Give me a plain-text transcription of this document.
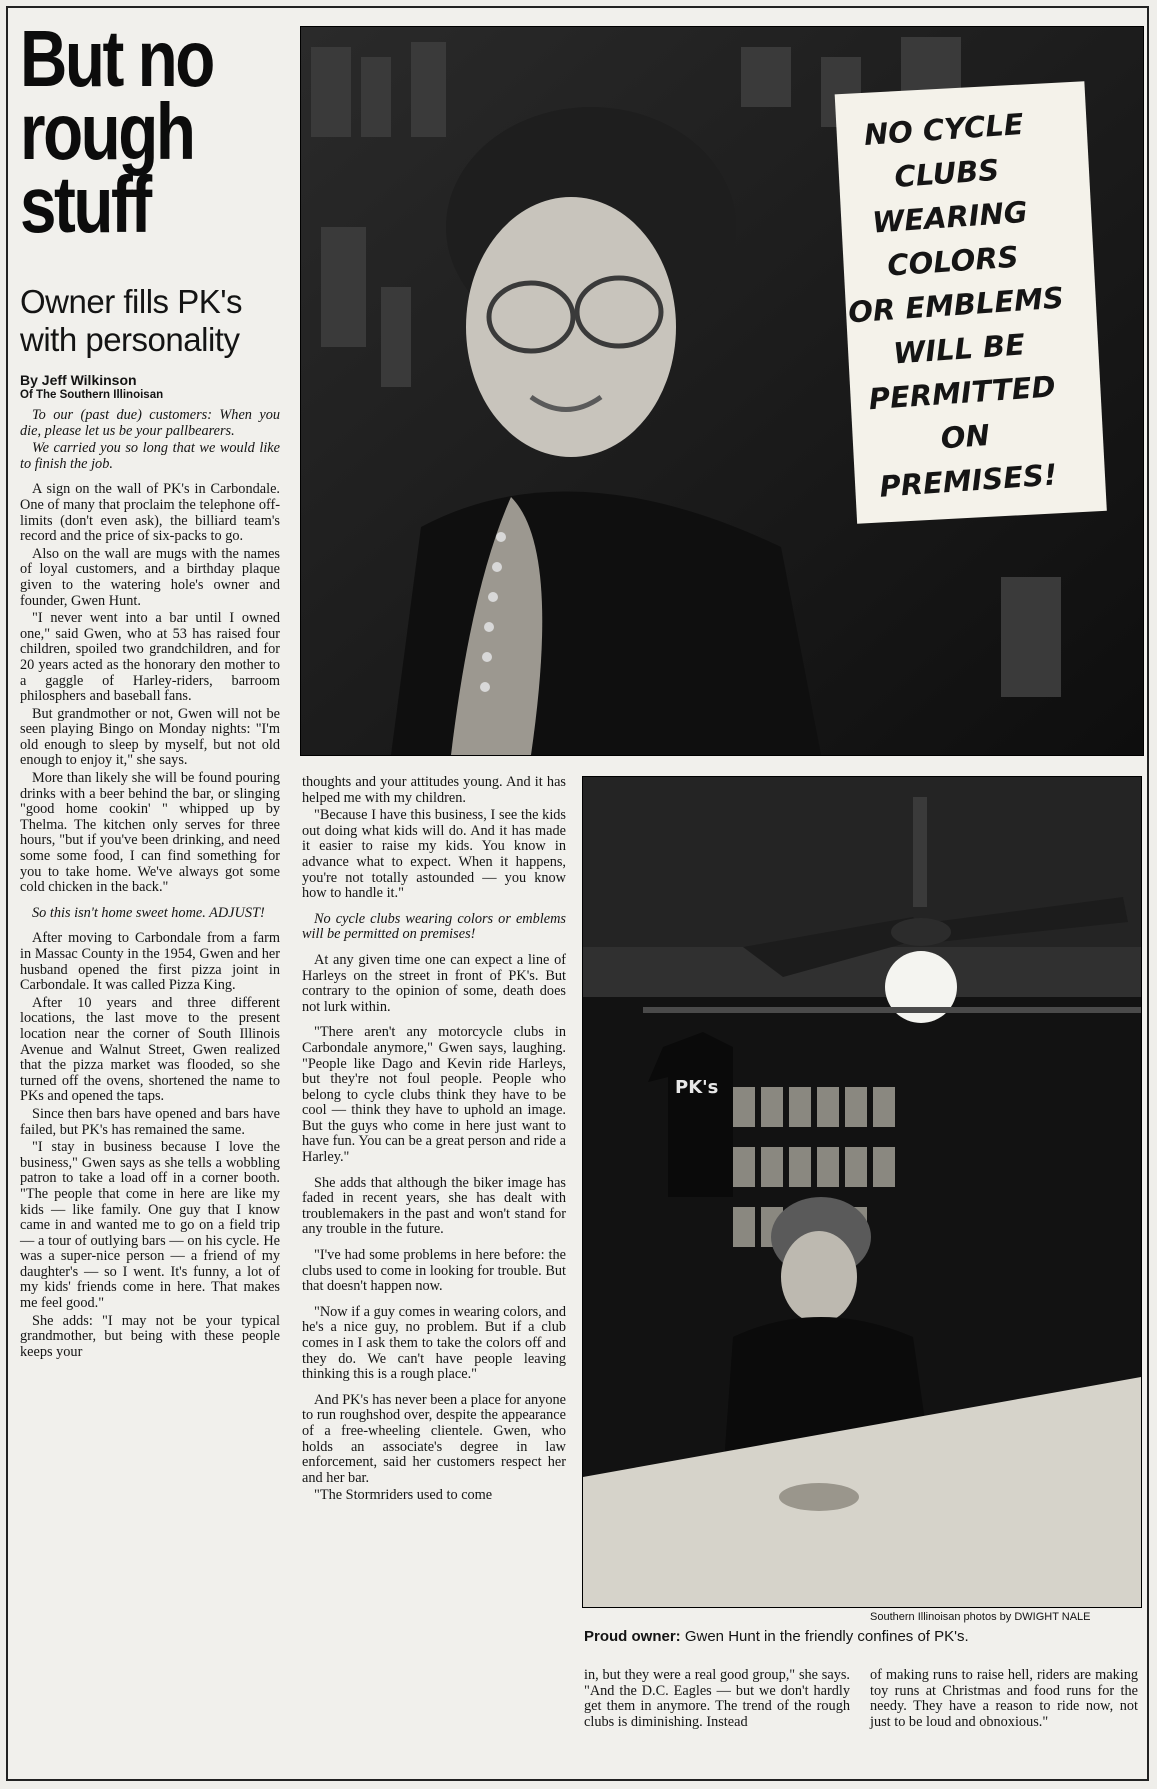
But no rough stuff
Owner fills PK's with personality
By Jeff Wilkinson
Of The Southern Illinoisan

To our (past due) customers: When you die, please let us be your pallbearers.

We carried you so long that we would like to finish the job.

A sign on the wall of PK's in Carbondale. One of many that proclaim the telephone off-limits (don't even ask), the billiard team's record and the price of six-packs to go.

Also on the wall are mugs with the names of loyal customers, and a birthday plaque given to the watering hole's owner and founder, Gwen Hunt.

"I never went into a bar until I owned one," said Gwen, who at 53 has raised four children, spoiled two grandchildren, and for 20 years acted as the honorary den mother to a gaggle of Harley-riders, barroom philosphers and baseball fans.

But grandmother or not, Gwen will not be seen playing Bingo on Monday nights: "I'm old enough to sleep by myself, but not old enough to enjoy it," she says.

More than likely she will be found pouring drinks with a beer behind the bar, or slinging "good home cookin' " whipped up by Thelma. The kitchen only serves for three hours, "but if you've been drinking, and need some some food, I can find something for you to take home. We've always got some cold chicken in the back."

So this isn't home sweet home. ADJUST!

After moving to Carbondale from a farm in Massac County in the 1954, Gwen and her husband opened the first pizza joint in Carbondale. It was called Pizza King.

After 10 years and three different locations, the last move to the present location near the corner of South Illinois Avenue and Walnut Street, Gwen realized that the pizza market was flooded, so she turned off the ovens, shortened the name to PKs and opened the taps.

Since then bars have opened and bars have failed, but PK's has remained the same.

"I stay in business because I love the business," Gwen says as she tells a wobbling patron to take a load off in a corner booth. "The people that come in here are like my kids — like family. One guy that I know came in and wanted me to go on a field trip — a tour of outlying bars — on his cycle. He was a super-nice person — a friend of my daughter's — so I went. It's funny, a lot of my kids' friends come in here. That makes me feel good."

She adds: "I may not be your typical grandmother, but being with these people keeps your

thoughts and your attitudes young. And it has helped me with my children.

"Because I have this business, I see the kids out doing what kids will do. And it has made it easier to raise my kids. You know in advance what to expect. When it happens, you're not totally astounded — you know how to handle it."

No cycle clubs wearing colors or emblems will be permitted on premises!

At any given time one can expect a line of Harleys on the street in front of PK's. But contrary to the opinion of some, death does not lurk within.

"There aren't any motorcycle clubs in Carbondale anymore," Gwen says, laughing. "People like Dago and Kevin ride Harleys, but they're not foul people. People who belong to cycle clubs think they have to be cool — think they have to uphold an image. But the guys who come in here just want to have fun. You can be a great person and ride a Harley."

She adds that although the biker image has faded in recent years, she has dealt with troublemakers in the past and won't stand for any trouble in the future.

"I've had some problems in here before: the clubs used to come in looking for trouble. But that doesn't happen now.

"Now if a guy comes in wearing colors, and he's a nice guy, no problem. But if a club comes in I ask them to take the colors off and they do. We can't have people leaving thinking this is a rough place."

And PK's has never been a place for anyone to run roughshod over, despite the appearance of a free-wheeling clientele. Gwen, who holds an associate's degree in law enforcement, said her customers respect her and her bar.

"The Stormriders used to come

in, but they were a real good group," she says. "And the D.C. Eagles — but we don't hardly get them in anymore. The trend of the rough clubs is diminishing. Instead

of making runs to raise hell, riders are making toy runs at Christmas and food runs for the needy. They have a reason to ride now, not just to be loud and obnoxious."

NO CYCLE
CLUBS
WEARING
COLORS
OR EMBLEMS
WILL BE
PERMITTED
ON
PREMISES!
PK's
Southern Illinoisan photos by DWIGHT NALE
Proud owner: Gwen Hunt in the friendly confines of PK's.
